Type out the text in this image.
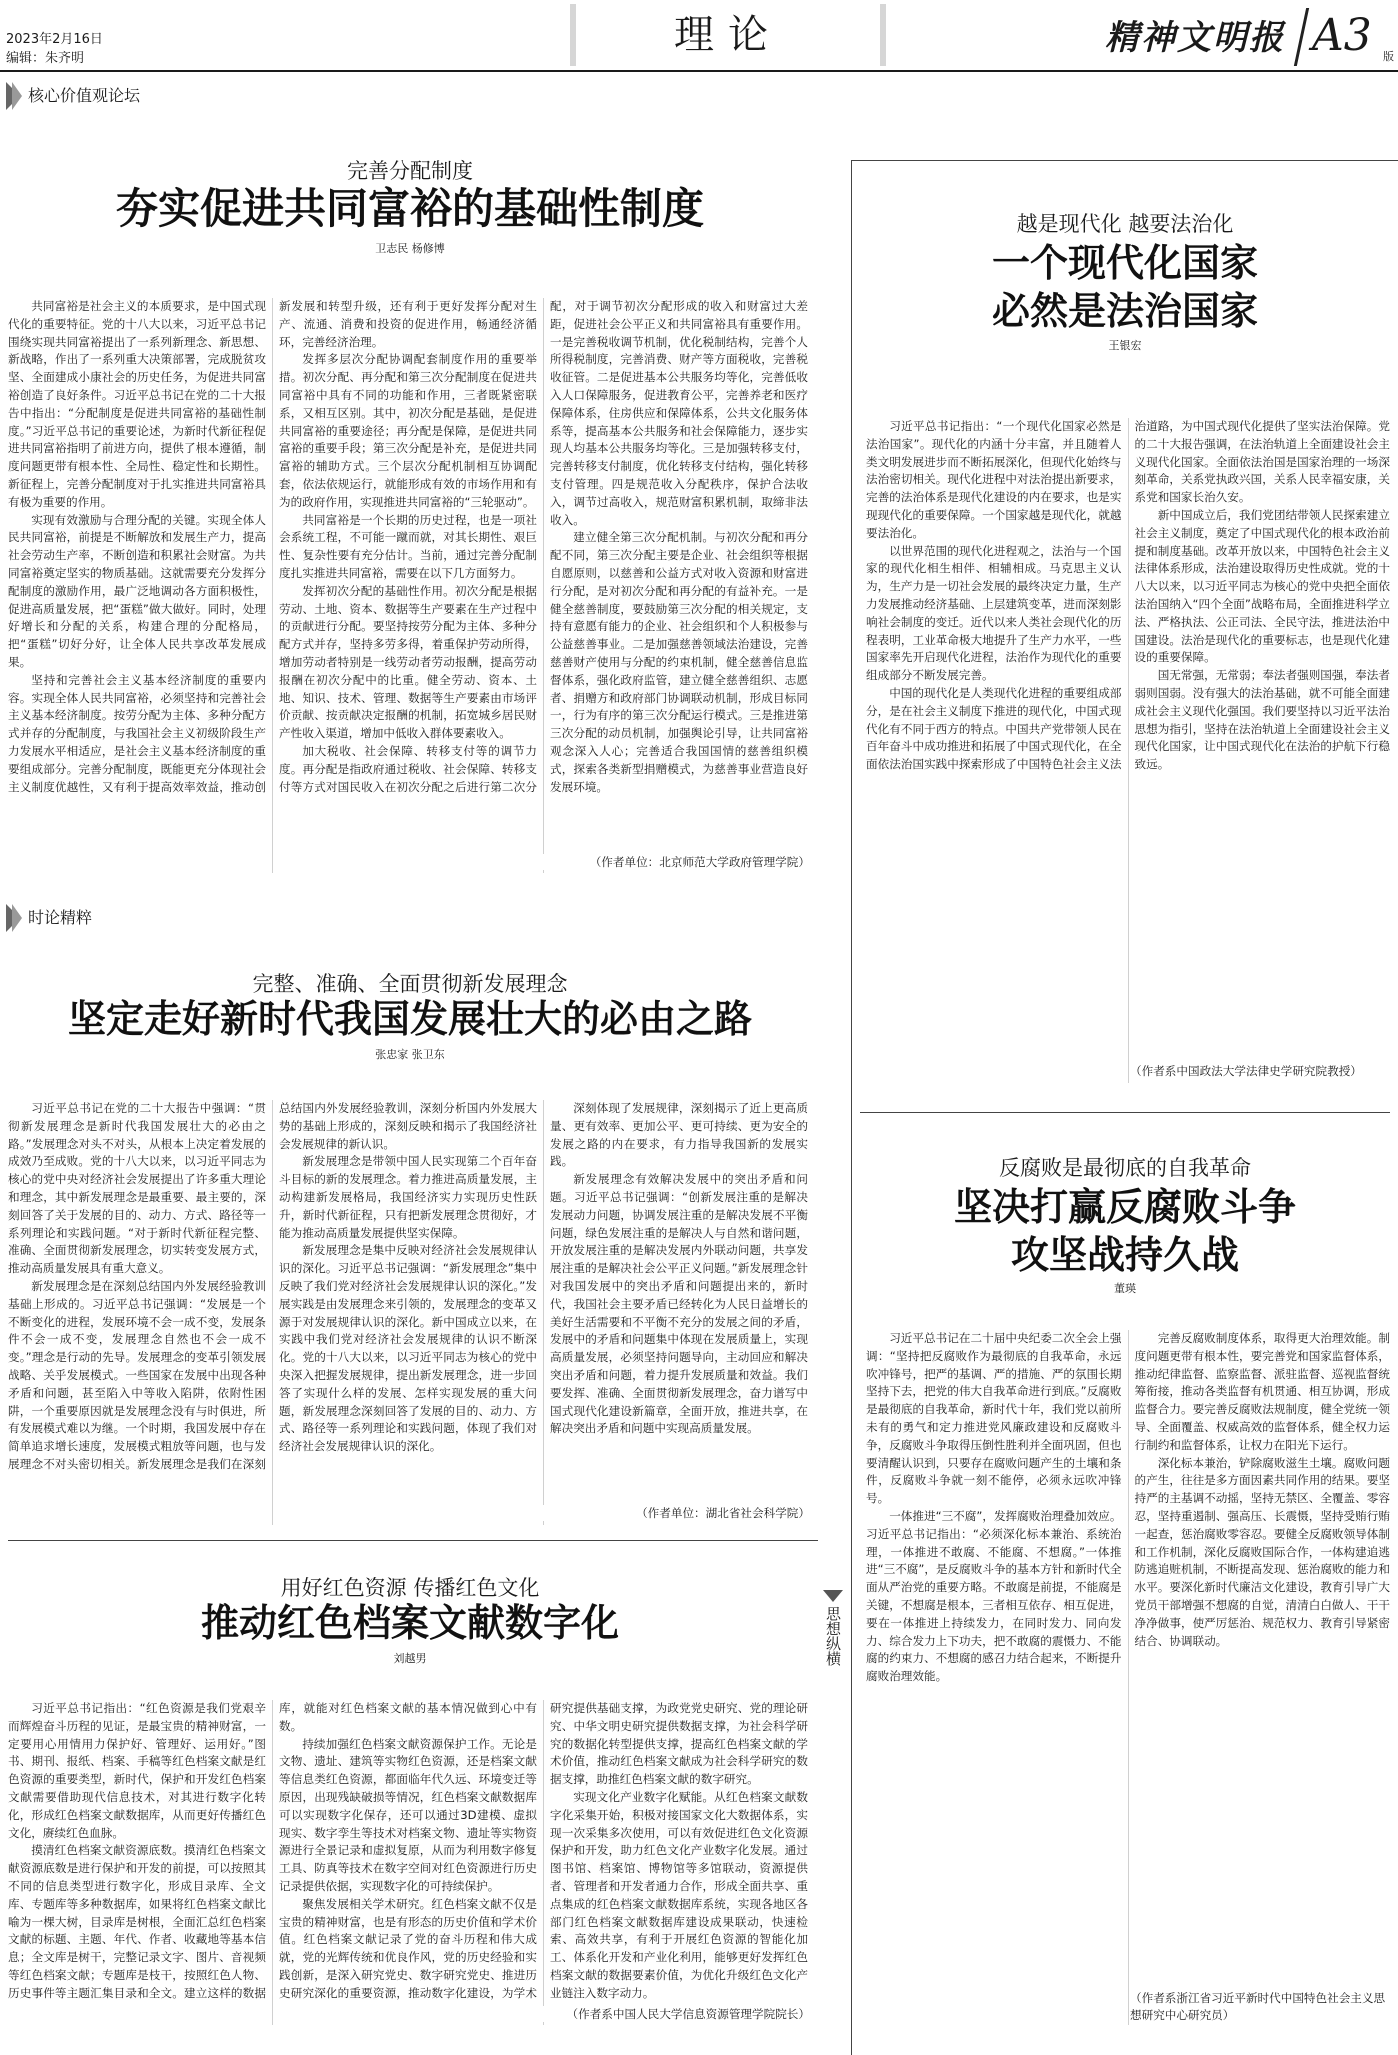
2023年2月16日
编辑：朱齐明
理论	精神文明报 A3 版
核心价值观论坛
完善分配制度
夯实促进共同富裕的基础性制度
卫志民 杨修博

共同富裕是社会主义的本质要求，是中国式现代化的重要特征。党的十八大以来，习近平总书记围绕实现共同富裕提出了一系列新理念、新思想、新战略，作出了一系列重大决策部署，完成脱贫攻坚、全面建成小康社会的历史任务，为促进共同富裕创造了良好条件。习近平总书记在党的二十大报告中指出：“分配制度是促进共同富裕的基础性制度。”习近平总书记的重要论述，为新时代新征程促进共同富裕指明了前进方向，提供了根本遵循，制度问题更带有根本性、全局性、稳定性和长期性。新征程上，完善分配制度对于扎实推进共同富裕具有极为重要的作用。

实现有效激励与合理分配的关键。实现全体人民共同富裕，前提是不断解放和发展生产力，提高社会劳动生产率，不断创造和积累社会财富。为共同富裕奠定坚实的物质基础。这就需要充分发挥分配制度的激励作用，最广泛地调动各方面积极性，促进高质量发展，把“蛋糕”做大做好。同时，处理好增长和分配的关系，构建合理的分配格局，把“蛋糕”切好分好，让全体人民共享改革发展成果。

坚持和完善社会主义基本经济制度的重要内容。实现全体人民共同富裕，必须坚持和完善社会主义基本经济制度。按劳分配为主体、多种分配方式并存的分配制度，与我国社会主义初级阶段生产力发展水平相适应，是社会主义基本经济制度的重要组成部分。完善分配制度，既能更充分体现社会主义制度优越性，又有利于提高效率效益，推动创新发展和转型升级，还有利于更好发挥分配对生产、流通、消费和投资的促进作用，畅通经济循环，完善经济治理。

发挥多层次分配协调配套制度作用的重要举措。初次分配、再分配和第三次分配制度在促进共同富裕中具有不同的功能和作用，三者既紧密联系，又相互区别。其中，初次分配是基础，是促进共同富裕的重要途径；再分配是保障，是促进共同富裕的重要手段；第三次分配是补充，是促进共同富裕的辅助方式。三个层次分配机制相互协调配套，依法依规运行，就能形成有效的市场作用和有为的政府作用，实现推进共同富裕的“三轮驱动”。

共同富裕是一个长期的历史过程，也是一项社会系统工程，不可能一蹴而就，对其长期性、艰巨性、复杂性要有充分估计。当前，通过完善分配制度扎实推进共同富裕，需要在以下几方面努力。

发挥初次分配的基础性作用。初次分配是根据劳动、土地、资本、数据等生产要素在生产过程中的贡献进行分配。要坚持按劳分配为主体、多种分配方式并存，坚持多劳多得，着重保护劳动所得，增加劳动者特别是一线劳动者劳动报酬，提高劳动报酬在初次分配中的比重。健全劳动、资本、土地、知识、技术、管理、数据等生产要素由市场评价贡献、按贡献决定报酬的机制，拓宽城乡居民财产性收入渠道，增加中低收入群体要素收入。

加大税收、社会保障、转移支付等的调节力度。再分配是指政府通过税收、社会保障、转移支付等方式对国民收入在初次分配之后进行第二次分配，对于调节初次分配形成的收入和财富过大差距，促进社会公平正义和共同富裕具有重要作用。一是完善税收调节机制，优化税制结构，完善个人所得税制度，完善消费、财产等方面税收，完善税收征管。二是促进基本公共服务均等化，完善低收入人口保障服务，促进教育公平，完善养老和医疗保障体系，住房供应和保障体系，公共文化服务体系等，提高基本公共服务和社会保障能力，逐步实现人均基本公共服务均等化。三是加强转移支付，完善转移支付制度，优化转移支付结构，强化转移支付管理。四是规范收入分配秩序，保护合法收入，调节过高收入，规范财富积累机制，取缔非法收入。

建立健全第三次分配机制。与初次分配和再分配不同，第三次分配主要是企业、社会组织等根据自愿原则，以慈善和公益方式对收入资源和财富进行分配，是对初次分配和再分配的有益补充。一是健全慈善制度，要鼓励第三次分配的相关规定，支持有意愿有能力的企业、社会组织和个人积极参与公益慈善事业。二是加强慈善领域法治建设，完善慈善财产使用与分配的约束机制，健全慈善信息监督体系，强化政府监管，建立健全慈善组织、志愿者、捐赠方和政府部门协调联动机制，形成目标同一，行为有序的第三次分配运行模式。三是推进第三次分配的动员机制，加强舆论引导，让共同富裕观念深入人心；完善适合我国国情的慈善组织模式，探索各类新型捐赠模式，为慈善事业营造良好发展环境。

（作者单位：北京师范大学政府管理学院）
时论精粹
完整、准确、全面贯彻新发展理念
坚定走好新时代我国发展壮大的必由之路
张忠家 张卫东

习近平总书记在党的二十大报告中强调：“贯彻新发展理念是新时代我国发展壮大的必由之路。”发展理念对头不对头，从根本上决定着发展的成效乃至成败。党的十八大以来，以习近平同志为核心的党中央对经济社会发展提出了许多重大理论和理念，其中新发展理念是最重要、最主要的，深刻回答了关于发展的目的、动力、方式、路径等一系列理论和实践问题。“对于新时代新征程完整、准确、全面贯彻新发展理念，切实转变发展方式，推动高质量发展具有重大意义。

新发展理念是在深刻总结国内外发展经验教训基础上形成的。习近平总书记强调：“发展是一个不断变化的进程，发展环境不会一成不变，发展条件不会一成不变，发展理念自然也不会一成不变。”理念是行动的先导。发展理念的变革引领发展战略、关乎发展模式。一些国家在发展中出现各种矛盾和问题，甚至陷入中等收入陷阱，依附性困阱，一个重要原因就是发展理念没有与时俱进，所有发展模式难以为继。一个时期，我国发展中存在简单追求增长速度，发展模式粗放等问题，也与发展理念不对头密切相关。新发展理念是我们在深刻总结国内外发展经验教训，深刻分析国内外发展大势的基础上形成的，深刻反映和揭示了我国经济社会发展规律的新认识。

新发展理念是带领中国人民实现第二个百年奋斗目标的新的发展理念。着力推进高质量发展，主动构建新发展格局，我国经济实力实现历史性跃升，新时代新征程，只有把新发展理念贯彻好，才能为推动高质量发展提供坚实保障。

新发展理念是集中反映对经济社会发展规律认识的深化。习近平总书记强调：“新发展理念”集中反映了我们党对经济社会发展规律认识的深化。”发展实践是由发展理念来引领的，发展理念的变革又源于对发展规律认识的深化。新中国成立以来，在实践中我们党对经济社会发展规律的认识不断深化。党的十八大以来，以习近平同志为核心的党中央深入把握发展规律，提出新发展理念，进一步回答了实现什么样的发展、怎样实现发展的重大问题，新发展理念深刻回答了发展的目的、动力、方式、路径等一系列理论和实践问题，体现了我们对经济社会发展规律认识的深化。

深刻体现了发展规律，深刻揭示了近上更高质量、更有效率、更加公平、更可持续、更为安全的发展之路的内在要求，有力指导我国新的发展实践。

新发展理念有效解决发展中的突出矛盾和问题。习近平总书记强调：“创新发展注重的是解决发展动力问题，协调发展注重的是解决发展不平衡问题，绿色发展注重的是解决人与自然和谐问题，开放发展注重的是解决发展内外联动问题，共享发展注重的是解决社会公平正义问题。”新发展理念针对我国发展中的突出矛盾和问题提出来的，新时代，我国社会主要矛盾已经转化为人民日益增长的美好生活需要和不平衡不充分的发展之间的矛盾，发展中的矛盾和问题集中体现在发展质量上，实现高质量发展，必须坚持问题导向，主动回应和解决突出矛盾和问题，着力提升发展质量和效益。我们要发挥、准确、全面贯彻新发展理念，奋力谱写中国式现代化建设新篇章，全面开放，推进共享，在解决突出矛盾和问题中实现高质量发展。

（作者单位：湖北省社会科学院）
用好红色资源 传播红色文化
推动红色档案文献数字化
刘越男

习近平总书记指出：“红色资源是我们党艰辛而辉煌奋斗历程的见证，是最宝贵的精神财富，一定要用心用情用力保护好、管理好、运用好。”图书、期刊、报纸、档案、手稿等红色档案文献是红色资源的重要类型，新时代，保护和开发红色档案文献需要借助现代信息技术，对其进行数字化转化，形成红色档案文献数据库，从而更好传播红色文化，赓续红色血脉。

摸清红色档案文献资源底数。摸清红色档案文献资源底数是进行保护和开发的前提，可以按照其不同的信息类型进行数字化，形成目录库、全文库、专题库等多种数据库，如果将红色档案文献比喻为一棵大树，目录库是树根，全面汇总红色档案文献的标题、主题、年代、作者、收藏地等基本信息；全文库是树干，完整记录文字、图片、音视频等红色档案文献；专题库是枝干，按照红色人物、历史事件等主题汇集目录和全文。建立这样的数据库，就能对红色档案文献的基本情况做到心中有数。

持续加强红色档案文献资源保护工作。无论是文物、遗址、建筑等实物红色资源，还是档案文献等信息类红色资源，都面临年代久远、环境变迁等原因，出现残缺破损等情况，红色档案文献数据库可以实现数字化保存，还可以通过3D建模、虚拟现实、数字孪生等技术对档案文物、遗址等实物资源进行全景记录和虚拟复原，从而为利用数字修复工具、防真等技术在数字空间对红色资源进行历史记录提供依据，实现数字化的可持续保护。

聚焦发展相关学术研究。红色档案文献不仅是宝贵的精神财富，也是有形态的历史价值和学术价值。红色档案文献记录了党的奋斗历程和伟大成就，党的光辉传统和优良作风，党的历史经验和实践创新，是深入研究党史、数字研究党史、推进历史研究深化的重要资源，推动数字化建设，为学术研究提供基础支撑，为政党党史研究、党的理论研究、中华文明史研究提供数据支撑，为社会科学研究的数据化转型提供支撑，提高红色档案文献的学术价值，推动红色档案文献成为社会科学研究的数据支撑，助推红色档案文献的数字研究。

实现文化产业数字化赋能。从红色档案文献数字化采集开始，积极对接国家文化大数据体系，实现一次采集多次使用，可以有效促进红色文化资源保护和开发，助力红色文化产业数字化发展。通过图书馆、档案馆、博物馆等多馆联动，资源提供者、管理者和开发者通力合作，形成全面共享、重点集成的红色档案文献数据库系统，实现各地区各部门红色档案文献数据库建设成果联动，快速检索、高效共享，有利于开展红色资源的智能化加工、体系化开发和产业化利用，能够更好发挥红色档案文献的数据要素价值，为优化升级红色文化产业链注入数字动力。

（作者系中国人民大学信息资源管理学院院长）
思想纵横
越是现代化 越要法治化
一个现代化国家
必然是法治国家
王银宏

习近平总书记指出：“一个现代化国家必然是法治国家”。现代化的内涵十分丰富，并且随着人类文明发展进步而不断拓展深化，但现代化始终与法治密切相关。现代化进程中对法治提出新要求，完善的法治体系是现代化建设的内在要求，也是实现现代化的重要保障。一个国家越是现代化，就越要法治化。

以世界范围的现代化进程观之，法治与一个国家的现代化相生相伴、相辅相成。马克思主义认为，生产力是一切社会发展的最终决定力量，生产力发展推动经济基础、上层建筑变革，进而深刻影响社会制度的变迁。近代以来人类社会现代化的历程表明，工业革命极大地提升了生产力水平，一些国家率先开启现代化进程，法治作为现代化的重要组成部分不断发展完善。

中国的现代化是人类现代化进程的重要组成部分，是在社会主义制度下推进的现代化，中国式现代化有不同于西方的特点。中国共产党带领人民在百年奋斗中成功推进和拓展了中国式现代化，在全面依法治国实践中探索形成了中国特色社会主义法治道路，为中国式现代化提供了坚实法治保障。党的二十大报告强调，在法治轨道上全面建设社会主义现代化国家。全面依法治国是国家治理的一场深刻革命，关系党执政兴国，关系人民幸福安康，关系党和国家长治久安。

新中国成立后，我们党团结带领人民探索建立社会主义制度，奠定了中国式现代化的根本政治前提和制度基础。改革开放以来，中国特色社会主义法律体系形成，法治建设取得历史性成就。党的十八大以来，以习近平同志为核心的党中央把全面依法治国纳入“四个全面”战略布局，全面推进科学立法、严格执法、公正司法、全民守法，推进法治中国建设。法治是现代化的重要标志，也是现代化建设的重要保障。

国无常强，无常弱；奉法者强则国强，奉法者弱则国弱。没有强大的法治基础，就不可能全面建成社会主义现代化强国。我们要坚持以习近平法治思想为指引，坚持在法治轨道上全面建设社会主义现代化国家，让中国式现代化在法治的护航下行稳致远。

（作者系中国政法大学法律史学研究院教授）
反腐败是最彻底的自我革命
坚决打赢反腐败斗争
攻坚战持久战
董瑛

习近平总书记在二十届中央纪委二次全会上强调：“坚持把反腐败作为最彻底的自我革命，永远吹冲锋号，把严的基调、严的措施、严的氛围长期坚持下去，把党的伟大自我革命进行到底。”反腐败是最彻底的自我革命，新时代十年，我们党以前所未有的勇气和定力推进党风廉政建设和反腐败斗争，反腐败斗争取得压倒性胜利并全面巩固，但也要清醒认识到，只要存在腐败问题产生的土壤和条件，反腐败斗争就一刻不能停，必须永远吹冲锋号。

一体推进“三不腐”，发挥腐败治理叠加效应。习近平总书记指出：“必须深化标本兼治、系统治理，一体推进不敢腐、不能腐、不想腐。”一体推进“三不腐”，是反腐败斗争的基本方针和新时代全面从严治党的重要方略。不敢腐是前提，不能腐是关键，不想腐是根本，三者相互依存、相互促进，要在一体推进上持续发力，在同时发力、同向发力、综合发力上下功夫，把不敢腐的震慑力、不能腐的约束力、不想腐的感召力结合起来，不断提升腐败治理效能。

完善反腐败制度体系，取得更大治理效能。制度问题更带有根本性，要完善党和国家监督体系，推动纪律监督、监察监督、派驻监督、巡视监督统筹衔接，推动各类监督有机贯通、相互协调，形成监督合力。要完善反腐败法规制度，健全党统一领导、全面覆盖、权威高效的监督体系，健全权力运行制约和监督体系，让权力在阳光下运行。

深化标本兼治，铲除腐败滋生土壤。腐败问题的产生，往往是多方面因素共同作用的结果。要坚持严的主基调不动摇，坚持无禁区、全覆盖、零容忍，坚持重遏制、强高压、长震慑，坚持受贿行贿一起查，惩治腐败零容忍。要健全反腐败领导体制和工作机制，深化反腐败国际合作，一体构建追逃防逃追赃机制，不断提高发现、惩治腐败的能力和水平。要深化新时代廉洁文化建设，教育引导广大党员干部增强不想腐的自觉，清清白白做人、干干净净做事，使严厉惩治、规范权力、教育引导紧密结合、协调联动。

（作者系浙江省习近平新时代中国特色社会主义思想研究中心研究员）
